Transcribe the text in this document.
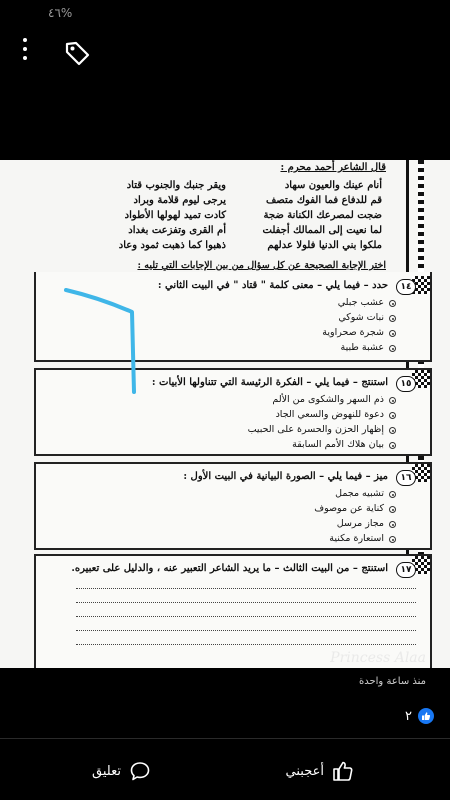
٤٦%
قال الشاعر أحمد محرم :
أنام عينك والعيون سهاد
ويقر جنبك والجنوب قتاد
قم للدفاع فما الفوك متصف
يرجى ليوم قلامة وبراد
ضجت لمصرعك الكنانة ضجة
كادت تميد لهولها الأطواد
لما نعيت إلى الممالك أجفلت
أم القرى وتفزعت بغداد
ملكوا بني الدنيا فلولا عدلهم
ذهبوا كما ذهبت ثمود وعاد
اختر الإجابة الصحيحة عن كل سؤال من بين الإجابات التي تليه :
١٤
حدد – فيما يلي – معنى كلمة " قتاد " في البيت الثاني :
عشب جبلي
نبات شوكي
شجرة صحراوية
عشبة طبية
١٥
استنتج – فيما يلي – الفكرة الرئيسة التي تتناولها الأبيات :
ذم السهر والشكوى من الألم
دعوة للنهوض والسعي الجاد
إظهار الحزن والحسرة على الحبيب
بيان هلاك الأمم السابقة
١٦
ميز – فيما يلي – الصورة البيانية في البيت الأول :
تشبيه مجمل
كناية عن موصوف
مجاز مرسل
استعارة مكنية
١٧
استنتج – من البيت الثالث – ما يريد الشاعر التعبير عنه ، والدليل على تعبيره.
Princess Alaa
منذ ساعة واحدة
٢
أعجبني
تعليق
